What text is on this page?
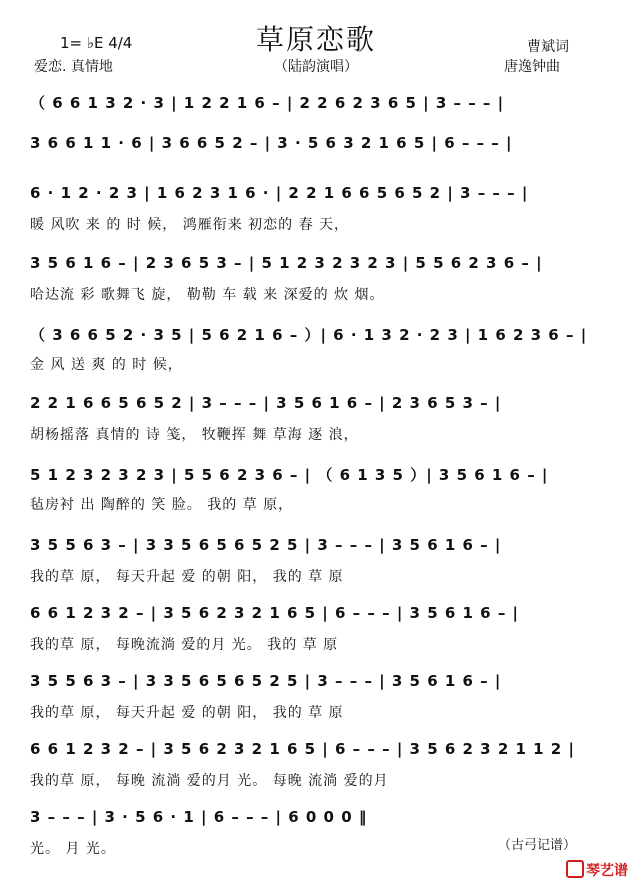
草原恋歌
1= ♭E 4/4
爱恋. 真情地	（陆韵演唱）
曹斌词
唐逸钟曲
（ 6 6 1 3 2 · 3 | 1 2 2 1 6 – | 2 2 6 2 3 6 5 | 3 – – – |
3 6 6 1 1 · 6 | 3 6 6 5 2 – | 3 · 5 6 3 2 1 6 5 | 6 – – – |
6 · 1 2 · 2 3 | 1 6 2 3 1 6 · | 2 2 1 6 6 5 6 5 2 | 3 – – – |
暖 风吹 来 的 时 候， 鸿雁衔来 初恋的 春 天，
3 5 6 1 6 – | 2 3 6 5 3 – | 5 1 2 3 2 3 2 3 | 5 5 6 2 3 6 – |
哈达流 彩 歌舞飞 旋， 勒勒 车 载 来 深爱的 炊 烟。
（ 3 6 6 5 2 · 3 5 | 5 6 2 1 6 – ）| 6 · 1 3 2 · 2 3 | 1 6 2 3 6 – |
金 风 送 爽 的 时 候，
2 2 1 6 6 5 6 5 2 | 3 – – – | 3 5 6 1 6 – | 2 3 6 5 3 – |
胡杨摇落 真情的 诗 笺， 牧鞭挥 舞 草海 逐 浪，
5 1 2 3 2 3 2 3 | 5 5 6 2 3 6 – | （ 6 1 3 5 ）| 3 5 6 1 6 – |
毡房衬 出 陶醉的 笑 脸。 我的 草 原，
3 5 5 6 3 – | 3 3 5 6 5 6 5 2 5 | 3 – – – | 3 5 6 1 6 – |
我的草 原， 每天升起 爱 的朝 阳， 我的 草 原
6 6 1 2 3 2 – | 3 5 6 2 3 2 1 6 5 | 6 – – – | 3 5 6 1 6 – |
我的草 原， 每晚流淌 爱的月 光。 我的 草 原
3 5 5 6 3 – | 3 3 5 6 5 6 5 2 5 | 3 – – – | 3 5 6 1 6 – |
我的草 原， 每天升起 爱 的朝 阳， 我的 草 原
6 6 1 2 3 2 – | 3 5 6 2 3 2 1 6 5 | 6 – – – | 3 5 6 2 3 2 1 1 2 |
我的草 原， 每晚 流淌 爱的月 光。 每晚 流淌 爱的月
3 – – – | 3 · 5 6 · 1 | 6 – – – | 6 0 0 0 ‖
光。 月 光。	（古弓记谱）
琴艺谱
